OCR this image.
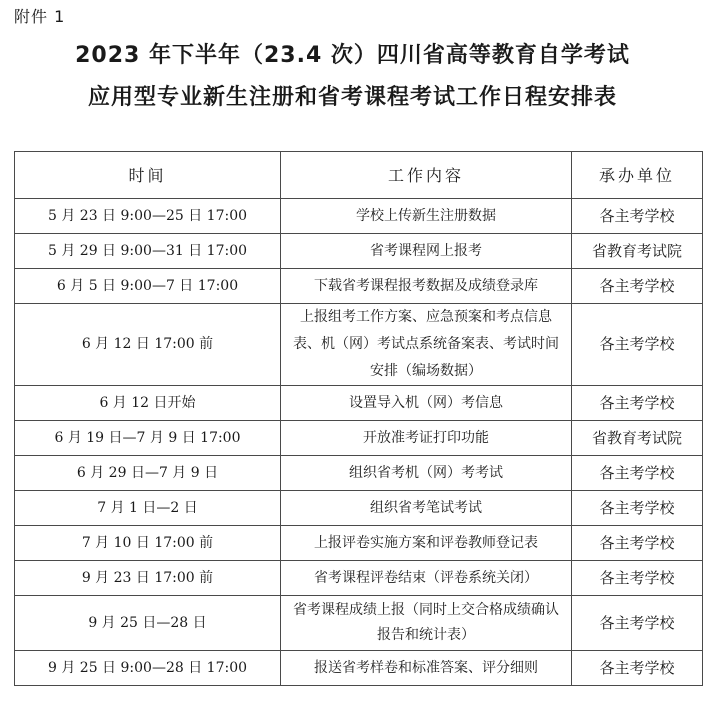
附件 1
2023 年下半年（23.4 次）四川省高等教育自学考试
应用型专业新生注册和省考课程考试工作日程安排表
时间	工作内容	承办单位
5 月 23 日 9:00—25 日 17:00	学校上传新生注册数据	各主考学校
5 月 29 日 9:00—31 日 17:00	省考课程网上报考	省教育考试院
6 月 5 日 9:00—7 日 17:00	下载省考课程报考数据及成绩登录库	各主考学校
6 月 12 日 17:00 前	上报组考工作方案、应急预案和考点信息表、机（网）考试点系统备案表、考试时间安排（编场数据）	各主考学校
6 月 12 日开始	设置导入机（网）考信息	各主考学校
6 月 19 日—7 月 9 日 17:00	开放准考证打印功能	省教育考试院
6 月 29 日—7 月 9 日	组织省考机（网）考考试	各主考学校
7 月 1 日—2 日	组织省考笔试考试	各主考学校
7 月 10 日 17:00 前	上报评卷实施方案和评卷教师登记表	各主考学校
9 月 23 日 17:00 前	省考课程评卷结束（评卷系统关闭）	各主考学校
9 月 25 日—28 日	省考课程成绩上报（同时上交合格成绩确认报告和统计表）	各主考学校
9 月 25 日 9:00—28 日 17:00	报送省考样卷和标准答案、评分细则	各主考学校
